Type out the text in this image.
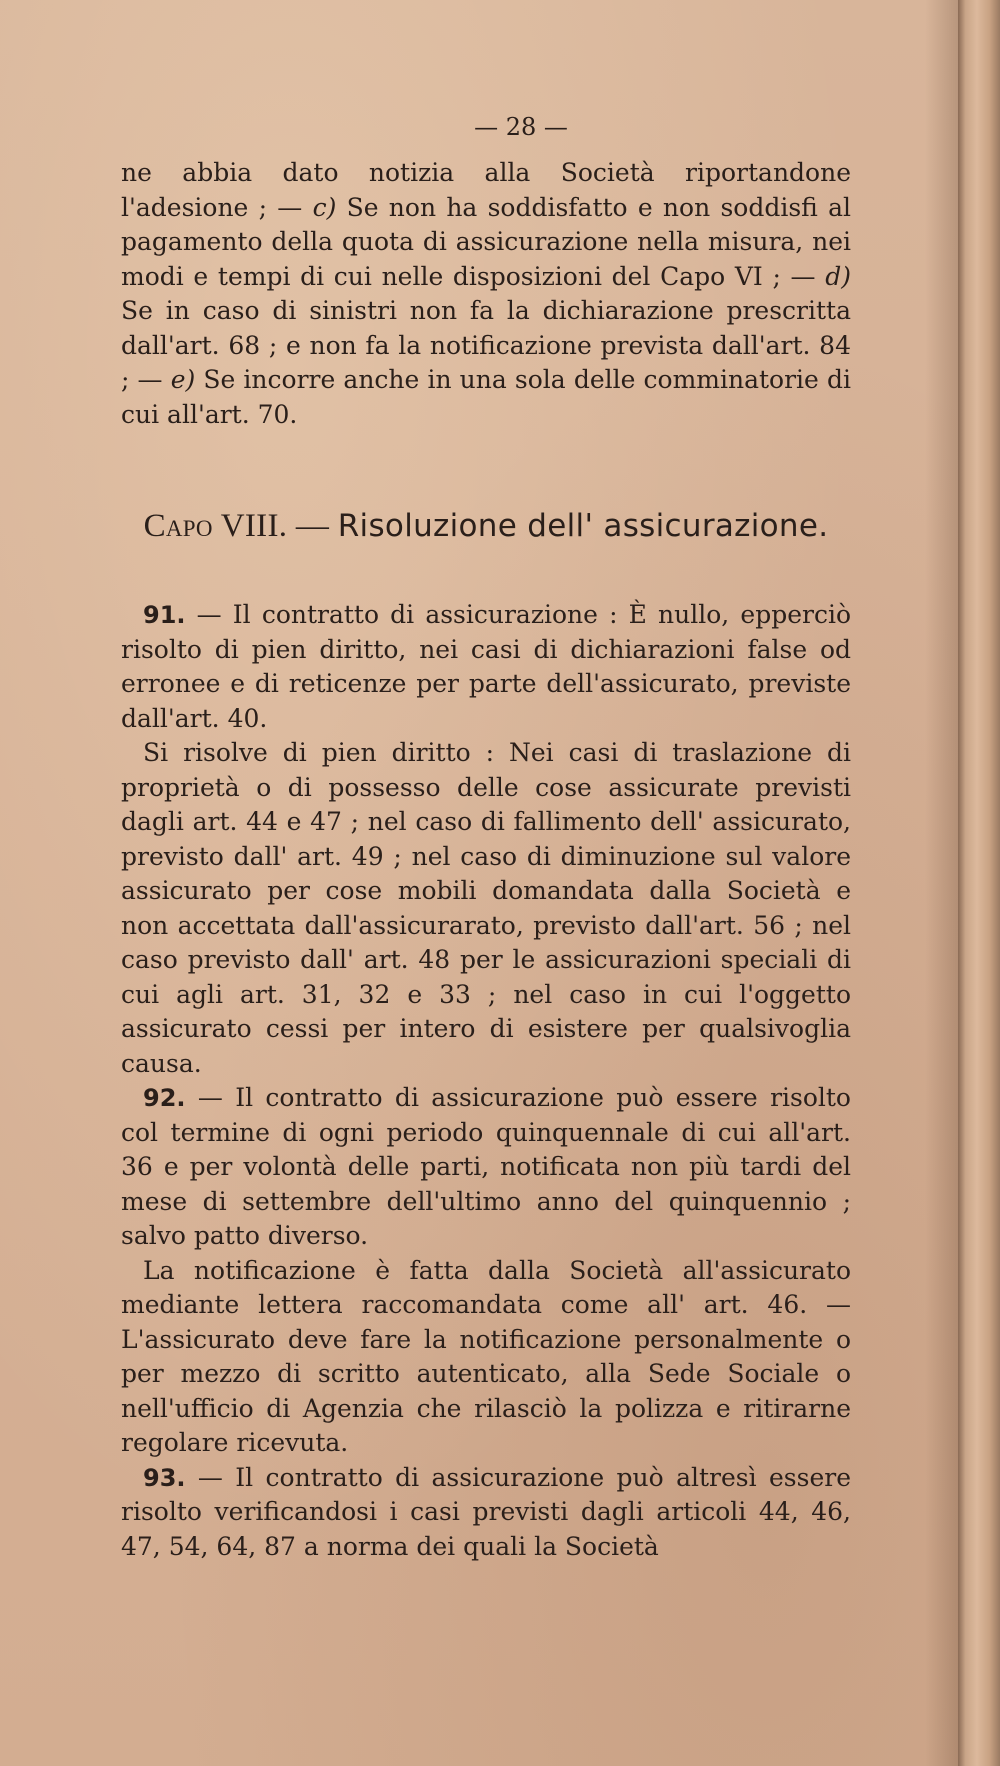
— 28 —

ne abbia dato notizia alla Società riportandone l'adesione ; — c) Se non ha soddisfatto e non soddisfi al pagamento della quota di assicurazione nella misura, nei modi e tempi di cui nelle disposizioni del Capo VI ; — d) Se in caso di sinistri non fa la dichiarazione prescritta dall'art. 68 ; e non fa la notificazione prevista dall'art. 84 ; — e) Se incorre anche in una sola delle comminatorie di cui all'art. 70.

Capo VIII. — Risoluzione dell' assicurazione.

91. — Il contratto di assicurazione : È nullo, epperciò risolto di pien diritto, nei casi di dichiarazioni false od erronee e di reticenze per parte dell'assicurato, previste dall'art. 40.

Si risolve di pien diritto : Nei casi di traslazione di proprietà o di possesso delle cose assicurate previsti dagli art. 44 e 47 ; nel caso di fallimento dell' assicurato, previsto dall' art. 49 ; nel caso di diminuzione sul valore assicurato per cose mobili domandata dalla Società e non accettata dall'assicurarato, previsto dall'art. 56 ; nel caso previsto dall' art. 48 per le assicurazioni speciali di cui agli art. 31, 32 e 33 ; nel caso in cui l'oggetto assicurato cessi per intero di esistere per qualsivoglia causa.

92. — Il contratto di assicurazione può essere risolto col termine di ogni periodo quinquennale di cui all'art. 36 e per volontà delle parti, notificata non più tardi del mese di settembre dell'ultimo anno del quinquennio ; salvo patto diverso.

La notificazione è fatta dalla Società all'assicurato mediante lettera raccomandata come all' art. 46. — L'assicurato deve fare la notificazione personalmente o per mezzo di scritto autenticato, alla Sede Sociale o nell'ufficio di Agenzia che rilasciò la polizza e ritirarne regolare ricevuta.

93. — Il contratto di assicurazione può altresì essere risolto verificandosi i casi previsti dagli articoli 44, 46, 47, 54, 64, 87 a norma dei quali la Società
